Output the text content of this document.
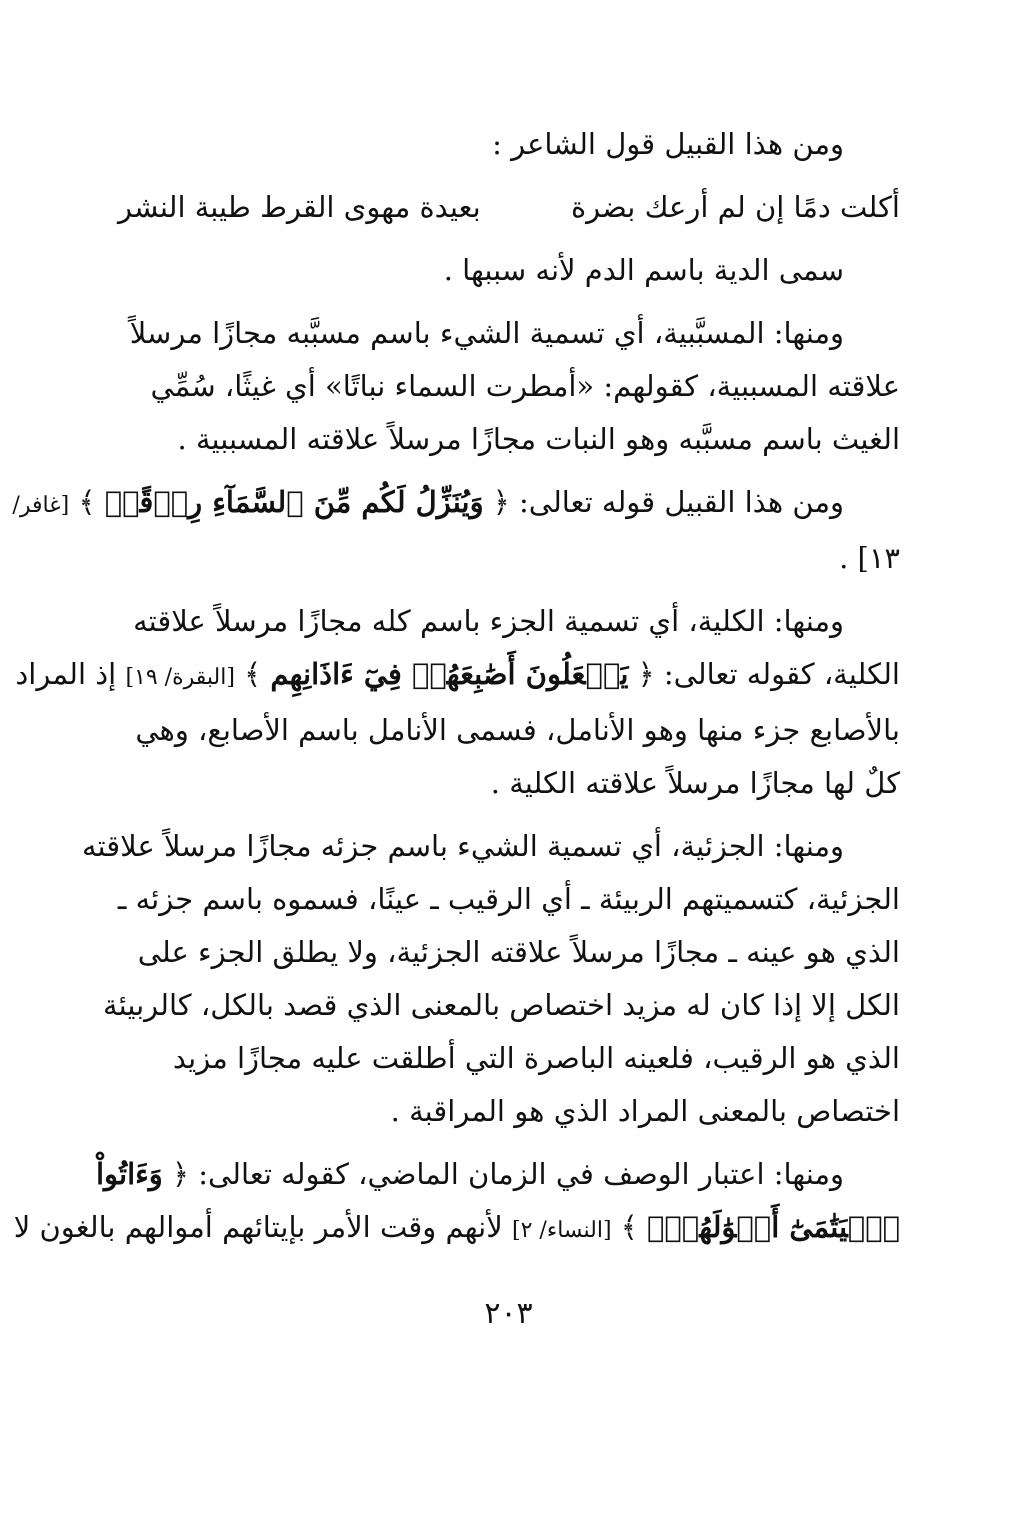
ومن هذا القبيل قول الشاعر :
أكلت دمًا إن لم أرعك بضرة
بعيدة مهوى القرط طيبة النشر
سمى الدية باسم الدم لأنه سببها .
ومنها: المسبَّبية، أي تسمية الشيء باسم مسبَّبه مجازًا مرسلاً
علاقته المسببية، كقولهم: «أمطرت السماء نباتًا» أي غيثًا، سُمِّي
الغيث باسم مسبَّبه وهو النبات مجازًا مرسلاً علاقته المسببية .
ومن هذا القبيل قوله تعالى: ﴿ وَيُنَزِّلُ لَكُم مِّنَ ٱلسَّمَآءِ رِزۡقًاۚ ﴾ [غافر/
١٣] .
ومنها: الكلية، أي تسمية الجزء باسم كله مجازًا مرسلاً علاقته
الكلية، كقوله تعالى: ﴿ يَجۡعَلُونَ أَصَٰبِعَهُمۡ فِيٓ ءَاذَانِهِم ﴾ [البقرة/ ١٩] إذ المراد
بالأصابع جزء منها وهو الأنامل، فسمى الأنامل باسم الأصابع، وهي
كلٌ لها مجازًا مرسلاً علاقته الكلية .
ومنها: الجزئية، أي تسمية الشيء باسم جزئه مجازًا مرسلاً علاقته
الجزئية، كتسميتهم الربيئة ـ أي الرقيب ـ عينًا، فسموه باسم جزئه ـ
الذي هو عينه ـ مجازًا مرسلاً علاقته الجزئية، ولا يطلق الجزء على
الكل إلا إذا كان له مزيد اختصاص بالمعنى الذي قصد بالكل، كالربيئة
الذي هو الرقيب، فلعينه الباصرة التي أطلقت عليه مجازًا مزيد
اختصاص بالمعنى المراد الذي هو المراقبة .
ومنها: اعتبار الوصف في الزمان الماضي، كقوله تعالى: ﴿ وَءَاتُواْ
ٱلۡيَتَٰمَىٰٓ أَمۡوَٰلَهُمۡۖ ﴾ [النساء/ ٢] لأنهم وقت الأمر بإيتائهم أموالهم بالغون لا
٢٠٣
